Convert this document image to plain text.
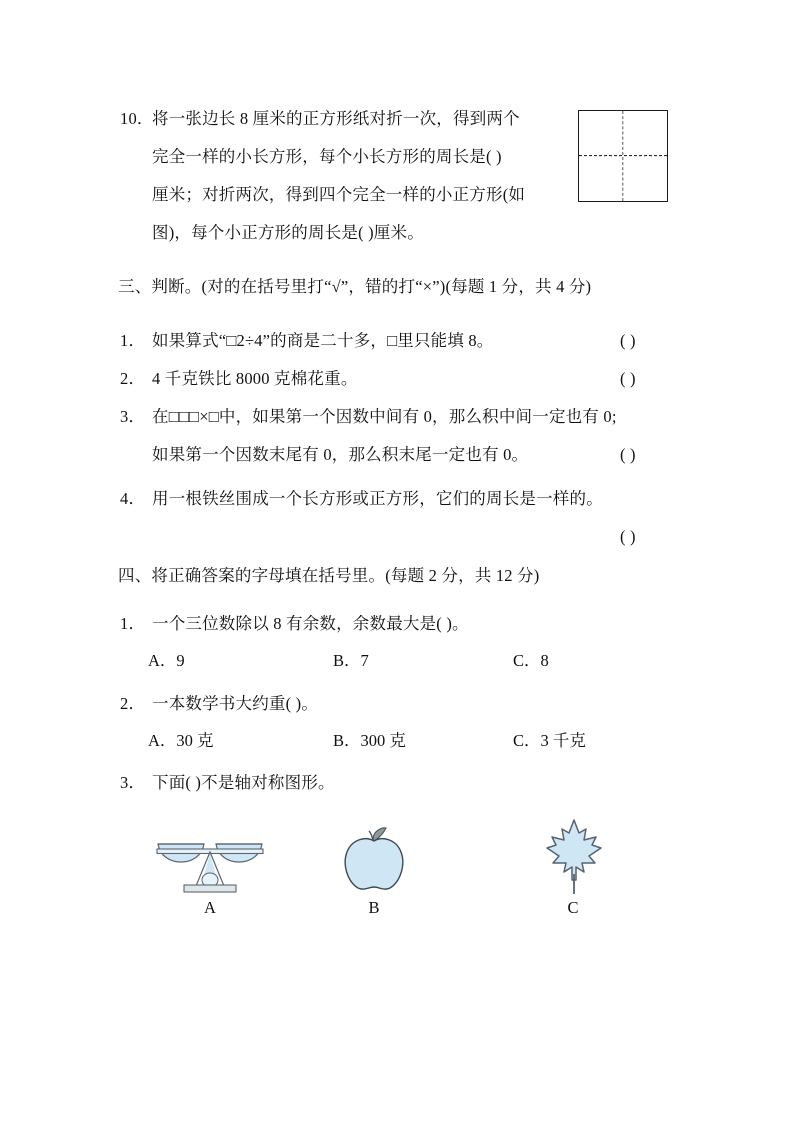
10．
将一张边长 8 厘米的正方形纸对折一次，得到两个
完全一样的小长方形，每个小长方形的周长是( )
厘米；对折两次，得到四个完全一样的小正方形(如
图)，每个小正方形的周长是( )厘米。
三、判断。(对的在括号里打“√”，错的打“×”)(每题 1 分，共 4 分)
1． 如果算式“□2÷4”的商是二十多，□里只能填 8。	( )
2． 4 千克铁比 8000 克棉花重。	( )
3． 在□□□×□中，如果第一个因数中间有 0，那么积中间一定也有 0;
如果第一个因数末尾有 0，那么积末尾一定也有 0。	( )
4． 用一根铁丝围成一个长方形或正方形，它们的周长是一样的。
( )
四、将正确答案的字母填在括号里。(每题 2 分，共 12 分)
1． 一个三位数除以 8 有余数，余数最大是( )。
A．9	B．7	C．8
2． 一本数学书大约重( )。
A．30 克	B．300 克	C．3 千克
3． 下面( )不是轴对称图形。
A	B	C
